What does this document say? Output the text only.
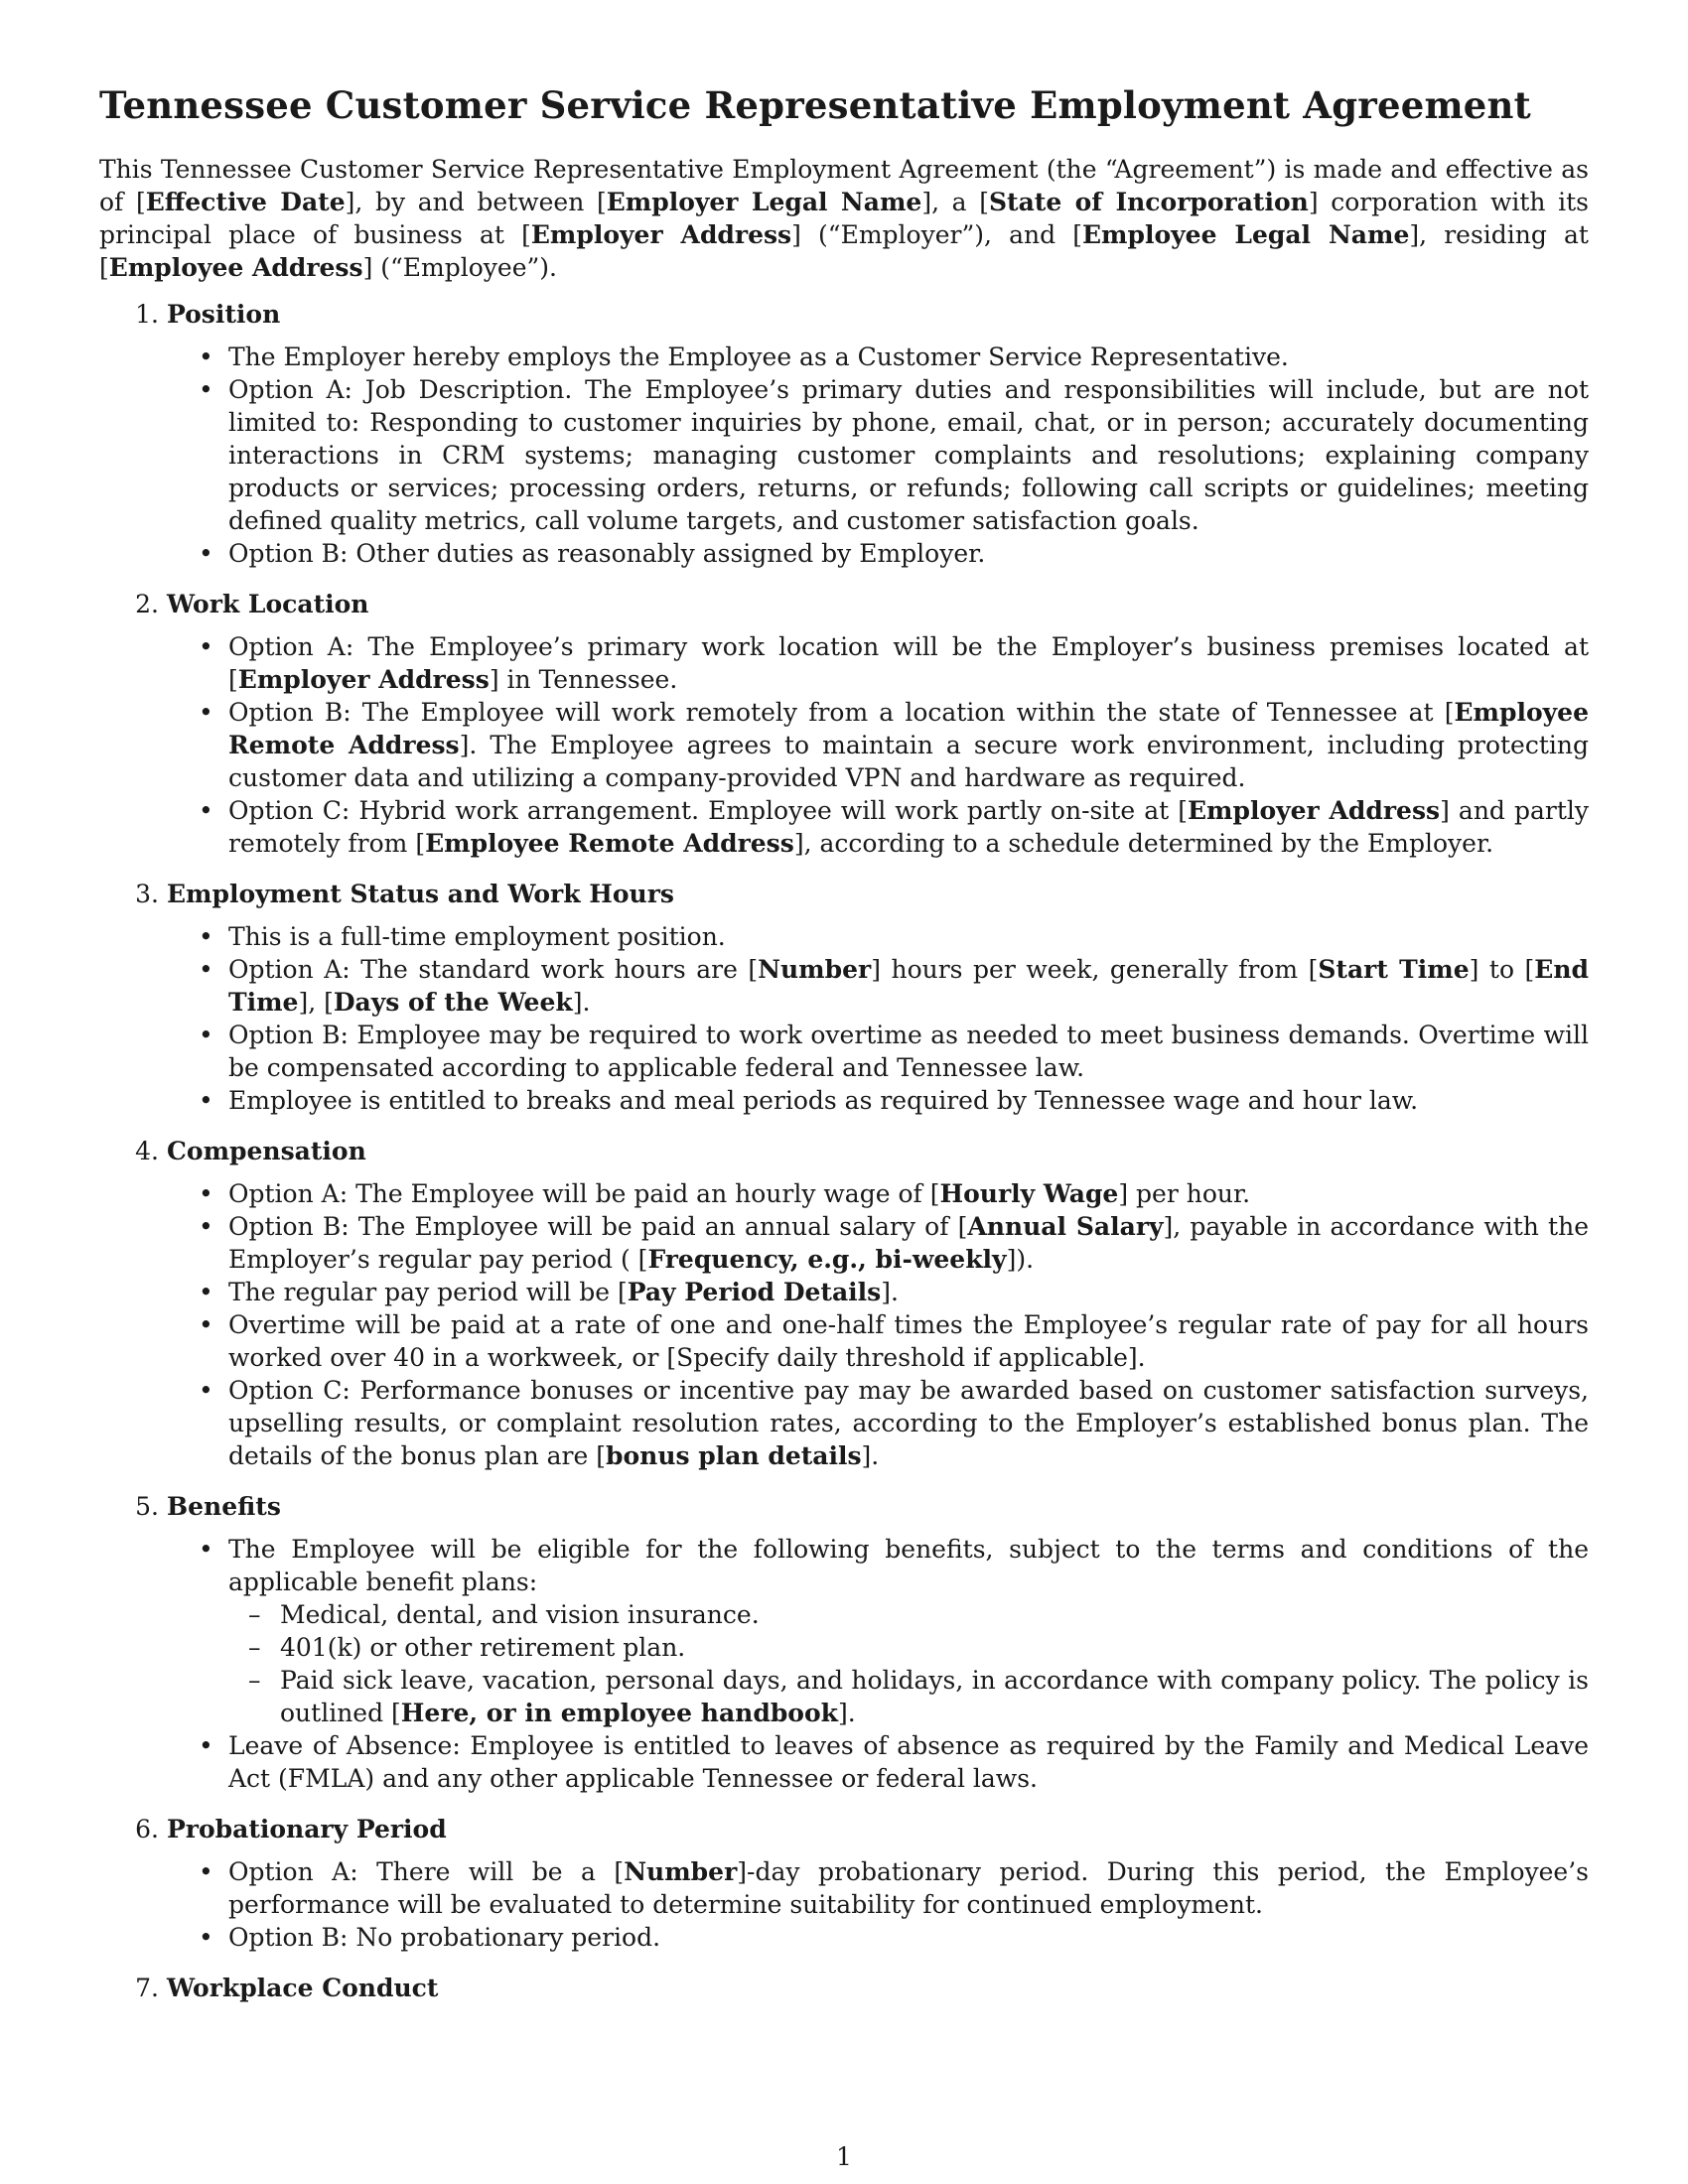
Tennessee Customer Service Representative Employment Agreement

This Tennessee Customer Service Representative Employment Agreement (the “Agreement”) is made and effective as of [Effective Date], by and between [Employer Legal Name], a [State of Incorporation] corporation with its principal place of business at [Employer Address] (“Employer”), and [Employee Legal Name], residing at [Employee Address] (“Employee”).

1. Position
• The Employer hereby employs the Employee as a Customer Service Representative.
• Option A: Job Description. The Employee’s primary duties and responsibilities will include, but are not limited to: Responding to customer inquiries by phone, email, chat, or in person; accurately documenting interactions in CRM systems; managing customer complaints and resolutions; explaining company products or services; processing orders, returns, or refunds; following call scripts or guidelines; meeting defined quality metrics, call volume targets, and customer satisfaction goals.
• Option B: Other duties as reasonably assigned by Employer.
2. Work Location
• Option A: The Employee’s primary work location will be the Employer’s business premises located at [Employer Address] in Tennessee.
• Option B: The Employee will work remotely from a location within the state of Tennessee at [Employee Remote Address]. The Employee agrees to maintain a secure work environment, including protecting customer data and utilizing a company-provided VPN and hardware as required.
• Option C: Hybrid work arrangement. Employee will work partly on-site at [Employer Address] and partly remotely from [Employee Remote Address], according to a schedule determined by the Employer.
3. Employment Status and Work Hours
• This is a full-time employment position.
• Option A: The standard work hours are [Number] hours per week, generally from [Start Time] to [End Time], [Days of the Week].
• Option B: Employee may be required to work overtime as needed to meet business demands. Overtime will be compensated according to applicable federal and Tennessee law.
• Employee is entitled to breaks and meal periods as required by Tennessee wage and hour law.
4. Compensation
• Option A: The Employee will be paid an hourly wage of [Hourly Wage] per hour.
• Option B: The Employee will be paid an annual salary of [Annual Salary], payable in accordance with the Employer’s regular pay period ( [Frequency, e.g., bi-weekly]).
• The regular pay period will be [Pay Period Details].
• Overtime will be paid at a rate of one and one-half times the Employee’s regular rate of pay for all hours worked over 40 in a workweek, or [Specify daily threshold if applicable].
• Option C: Performance bonuses or incentive pay may be awarded based on customer satisfaction surveys, upselling results, or complaint resolution rates, according to the Employer’s established bonus plan. The details of the bonus plan are [bonus plan details].
5. Benefits
• The Employee will be eligible for the following benefits, subject to the terms and conditions of the applicable benefit plans:
– Medical, dental, and vision insurance.
– 401(k) or other retirement plan.
– Paid sick leave, vacation, personal days, and holidays, in accordance with company policy. The policy is outlined [Here, or in employee handbook].
• Leave of Absence: Employee is entitled to leaves of absence as required by the Family and Medical Leave Act (FMLA) and any other applicable Tennessee or federal laws.
6. Probationary Period
• Option A: There will be a [Number]-day probationary period. During this period, the Employee’s performance will be evaluated to determine suitability for continued employment.
• Option B: No probationary period.
7. Workplace Conduct
1
